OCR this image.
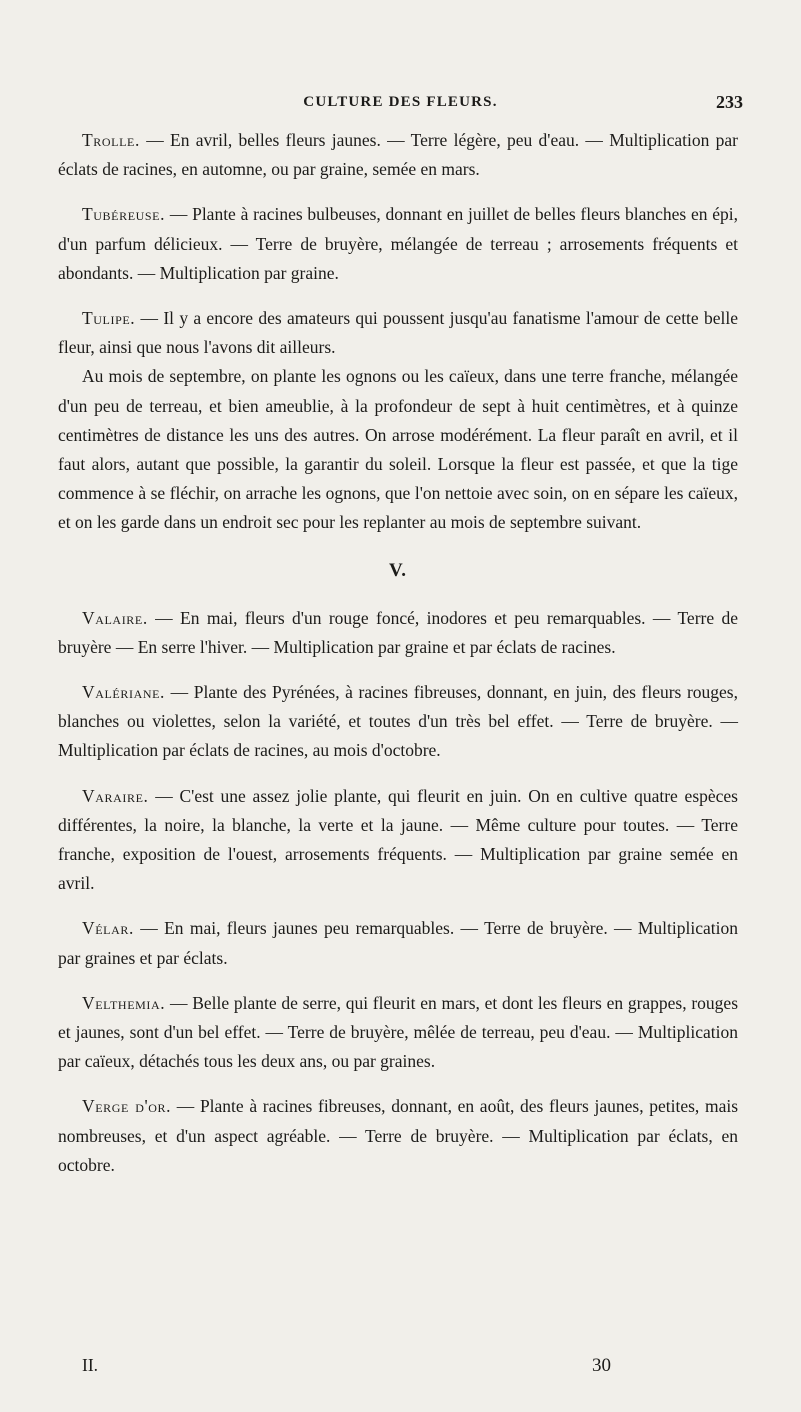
CULTURE DES FLEURS.	233

Trolle. — En avril, belles fleurs jaunes. — Terre légère, peu d'eau. — Multiplication par éclats de racines, en automne, ou par graine, semée en mars.

Tubéreuse. — Plante à racines bulbeuses, donnant en juillet de belles fleurs blanches en épi, d'un parfum délicieux. — Terre de bruyère, mélangée de terreau ; arrosements fréquents et abondants. — Multiplication par graine.

Tulipe. — Il y a encore des amateurs qui poussent jusqu'au fanatisme l'amour de cette belle fleur, ainsi que nous l'avons dit ailleurs.

Au mois de septembre, on plante les ognons ou les caïeux, dans une terre franche, mélangée d'un peu de terreau, et bien ameublie, à la profondeur de sept à huit centimètres, et à quinze centimètres de distance les uns des autres. On arrose modérément. La fleur paraît en avril, et il faut alors, autant que possible, la garantir du soleil. Lorsque la fleur est passée, et que la tige commence à se fléchir, on arrache les ognons, que l'on nettoie avec soin, on en sépare les caïeux, et on les garde dans un endroit sec pour les replanter au mois de septembre suivant.

V.

Valaire. — En mai, fleurs d'un rouge foncé, inodores et peu remarquables. — Terre de bruyère — En serre l'hiver. — Multiplication par graine et par éclats de racines.

Valériane. — Plante des Pyrénées, à racines fibreuses, donnant, en juin, des fleurs rouges, blanches ou violettes, selon la variété, et toutes d'un très bel effet. — Terre de bruyère. — Multiplication par éclats de racines, au mois d'octobre.

Varaire. — C'est une assez jolie plante, qui fleurit en juin. On en cultive quatre espèces différentes, la noire, la blanche, la verte et la jaune. — Même culture pour toutes. — Terre franche, exposition de l'ouest, arrosements fréquents. — Multiplication par graine semée en avril.

Vélar. — En mai, fleurs jaunes peu remarquables. — Terre de bruyère. — Multiplication par graines et par éclats.

Velthemia. — Belle plante de serre, qui fleurit en mars, et dont les fleurs en grappes, rouges et jaunes, sont d'un bel effet. — Terre de bruyère, mêlée de terreau, peu d'eau. — Multiplication par caïeux, détachés tous les deux ans, ou par graines.

Verge d'or. — Plante à racines fibreuses, donnant, en août, des fleurs jaunes, petites, mais nombreuses, et d'un aspect agréable. — Terre de bruyère. — Multiplication par éclats, en octobre.

II.	30
